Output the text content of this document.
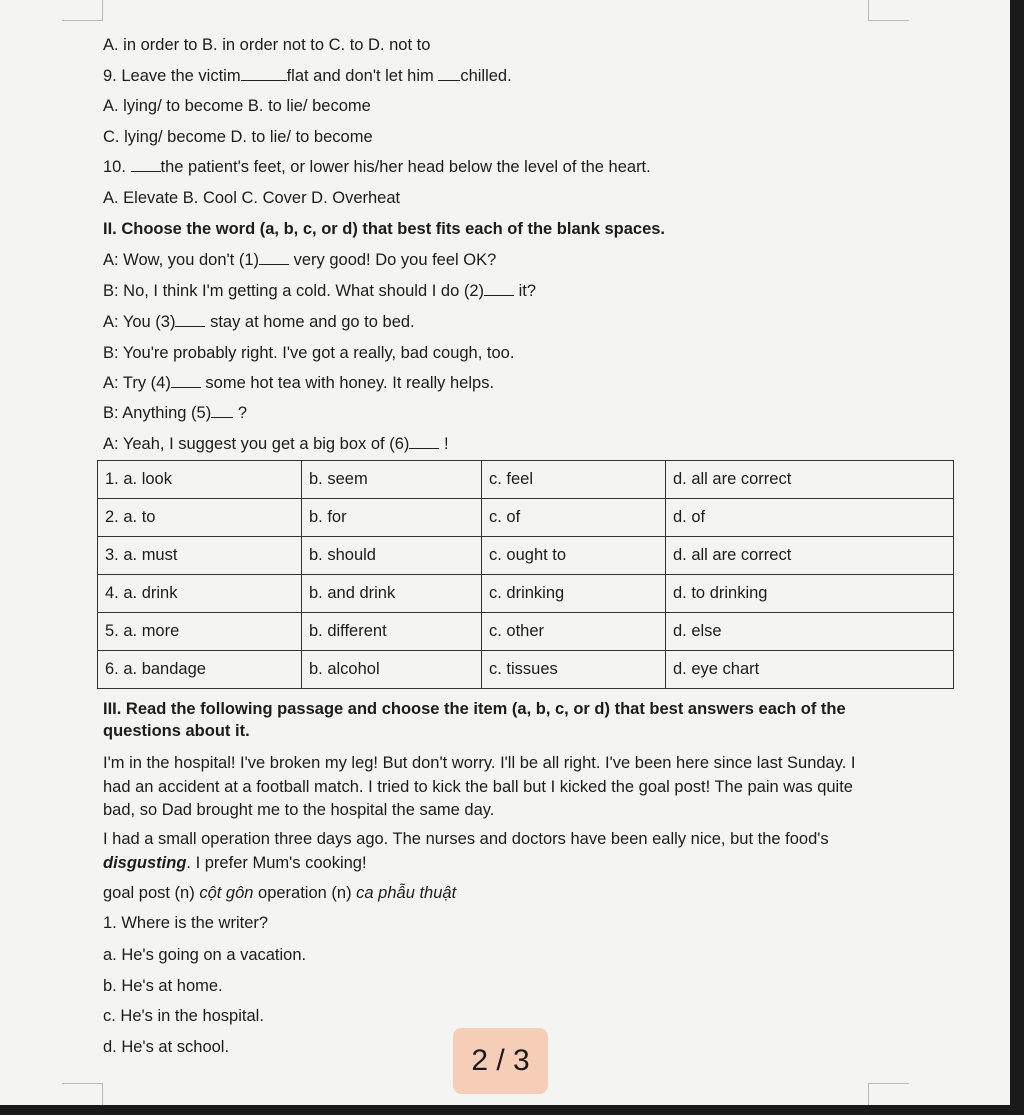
A. in order to B. in order not to C. to D. not to
9. Leave the victim	flat and don't let him chilled.
A. lying/ to become B. to lie/ become
C. lying/ become D. to lie/ to become
10. the patient's feet, or lower his/her head below the level of the heart.
A. Elevate B. Cool C. Cover D. Overheat
II. Choose the word (a, b, c, or d) that best fits each of the blank spaces.
A: Wow, you don't (1) very good! Do you feel OK?
B: No, I think I'm getting a cold. What should I do (2) it?
A: You (3) stay at home and go to bed.
B: You're probably right. I've got a really, bad cough, too.
A: Try (4) some hot tea with honey. It really helps.
B: Anything (5) ?
A: Yeah, I suggest you get a big box of (6) !
1. a. look	b. seem	c. feel	d. all are correct
2. a. to	b. for	c. of	d. of
3. a. must	b. should	c. ought to	d. all are correct
4. a. drink	b. and drink	c. drinking	d. to drinking
5. a. more	b. different	c. other	d. else
6. a. bandage	b. alcohol	c. tissues	d. eye chart
III. Read the following passage and choose the item (a, b, c, or d) that best answers each of the questions about it.
I'm in the hospital! I've broken my leg! But don't worry. I'll be all right. I've been here since last Sunday. I had an accident at a football match. I tried to kick the ball but I kicked the goal post! The pain was quite bad, so Dad brought me to the hospital the same day.
I had a small operation three days ago. The nurses and doctors have been eally nice, but the food's disgusting. I prefer Mum's cooking!
goal post (n) cột gôn operation (n) ca phẫu thuật
1. Where is the writer?
a. He's going on a vacation.
b. He's at home.
c. He's in the hospital.
d. He's at school.	2 / 3
